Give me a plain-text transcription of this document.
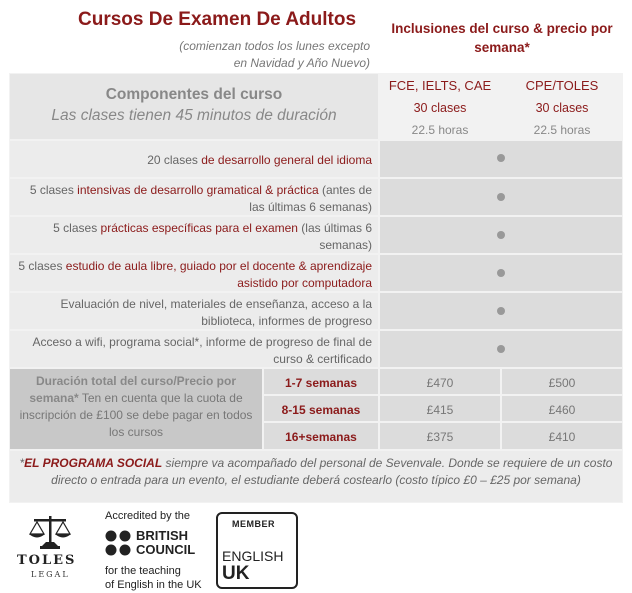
Cursos De Examen De Adultos
(comienzan todos los lunes excepto
en Navidad y Año Nuevo)
Inclusiones del curso & precio por
semana*
Componentes del curso
Las clases tienen 45 minutos de duración
FCE, IELTS, CAE
30 clases
22.5 horas
CPE/TOLES
30 clases
22.5 horas
20 clases de desarrollo general del idioma
5 clases intensivas de desarrollo gramatical & práctica (antes de las últimas 6 semanas)
5 clases prácticas específicas para el examen (las últimas 6 semanas)
5 clases estudio de aula libre, guiado por el docente & aprendizaje asistido por computadora
Evaluación de nivel, materiales de enseñanza, acceso a la biblioteca, informes de progreso
Acceso a wifi, programa social*, informe de progreso de final de curso & certificado
Duración total del curso/Precio por semana* Ten en cuenta que la cuota de inscripción de £100 se debe pagar en todos los cursos
1-7 semanas	£470	£500
8-15 semanas	£415	£460
16+semanas	£375	£410
*EL PROGRAMA SOCIAL siempre va acompañado del personal de Sevenvale. Donde se requiere de un costo directo o entrada para un evento, el estudiante deberá costearlo (costo típico £0 – £25 por semana)
TOLES
LEGAL
Accredited by the
BRITISH
COUNCIL
for the teaching
of English in the UK
MEMBER
ENGLISH
UK
